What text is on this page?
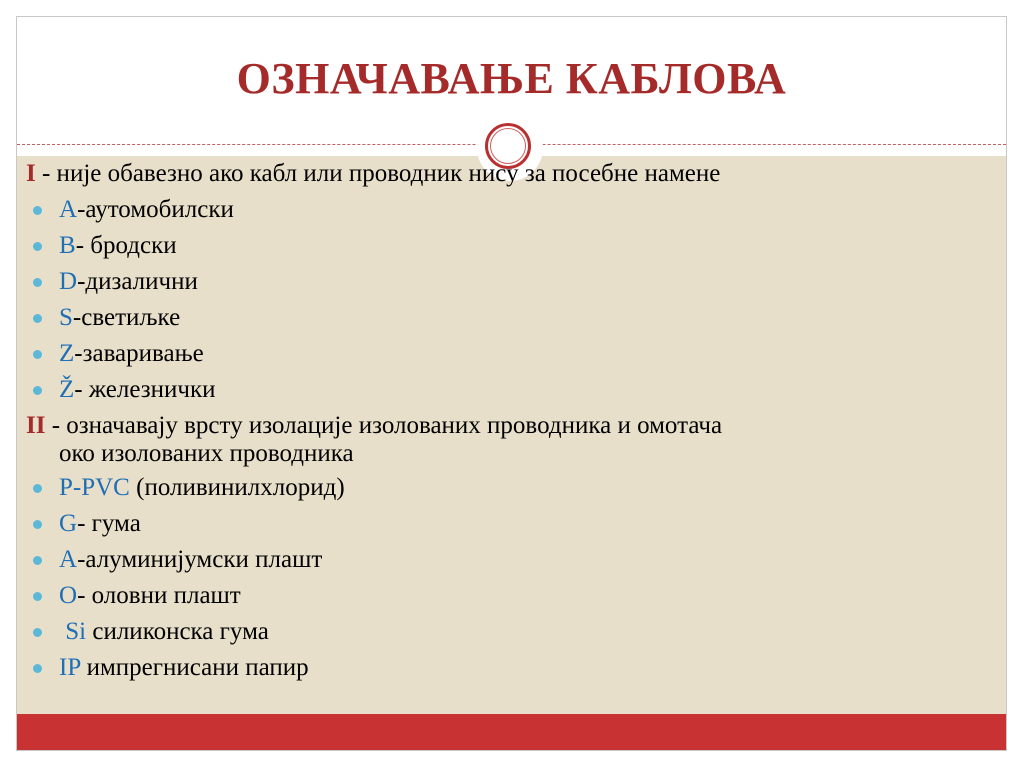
ОЗНАЧАВАЊЕ КАБЛОВА
I - није обавезно ако кабл или проводник нису за посебне намене
A-аутомобилски
B- бродски
D-дизалични
S-светиљке
Z-заваривање
Ž- железнички
II - означавају врсту изолације изолованих проводника и омотача
око изолованих проводника
P-PVC (поливинилхлорид)
G- гума
A-алуминијумски плашт
O- оловни плашт
Si силиконска гума
IP импрегнисани папир
